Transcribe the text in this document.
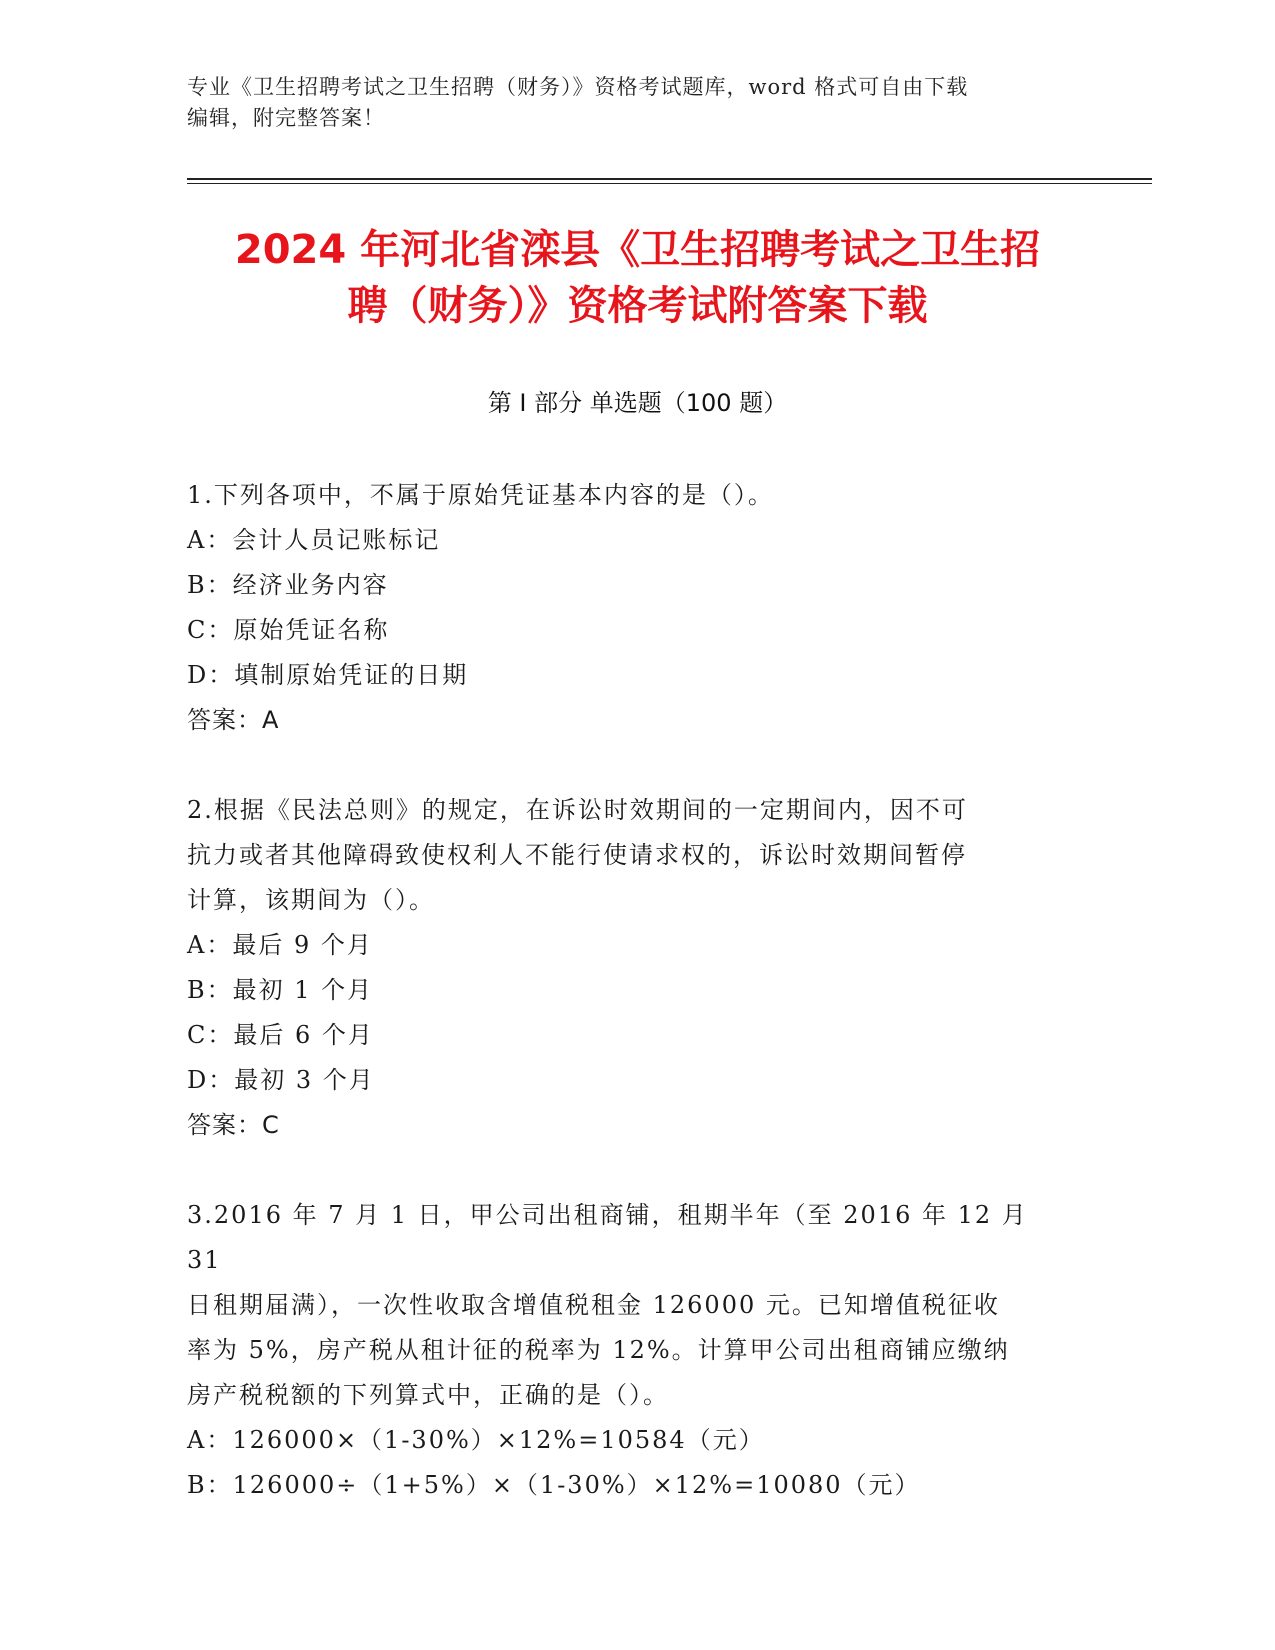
专业《卫生招聘考试之卫生招聘（财务）》资格考试题库，word 格式可自由下载
编辑，附完整答案！
2024 年河北省滦县《卫生招聘考试之卫生招
聘（财务）》资格考试附答案下载
第 I 部分 单选题（100 题）
1.下列各项中，不属于原始凭证基本内容的是（）。
A：会计人员记账标记
B：经济业务内容
C：原始凭证名称
D：填制原始凭证的日期
答案：A
2.根据《民法总则》的规定，在诉讼时效期间的一定期间内，因不可
抗力或者其他障碍致使权利人不能行使请求权的，诉讼时效期间暂停
计算，该期间为（）。
A：最后 9 个月
B：最初 1 个月
C：最后 6 个月
D：最初 3 个月
答案：C
3.2016 年 7 月 1 日，甲公司出租商铺，租期半年（至 2016 年 12 月 31
日租期届满），一次性收取含增值税租金 126000 元。已知增值税征收
率为 5%，房产税从租计征的税率为 12%。计算甲公司出租商铺应缴纳
房产税税额的下列算式中，正确的是（）。
A：126000×（1-30%）×12%=10584（元）
B：126000÷（1+5%）×（1-30%）×12%=10080（元）
